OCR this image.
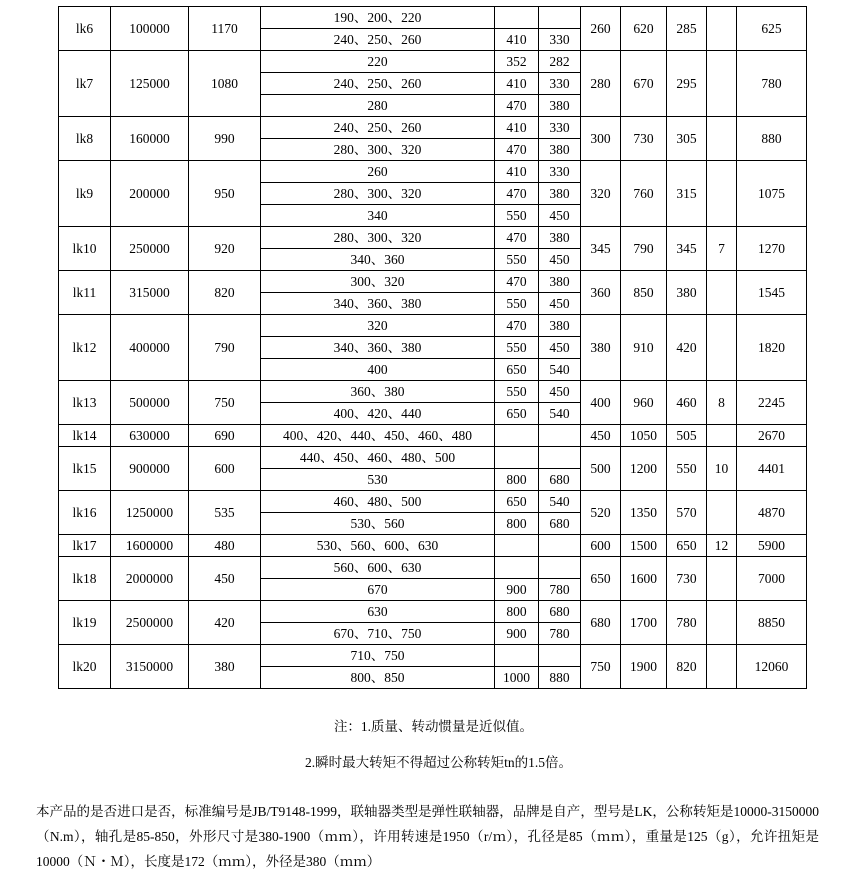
lk6	100000	1170	190、200、220			260	620	285		625
			240、250、260	410	330					
lk7	125000	1080	220	352	282	280	670	295		780
			240、250、260	410	330					
			280	470	380					
lk8	160000	990	240、250、260	410	330	300	730	305		880
			280、300、320	470	380					
lk9	200000	950	260	410	330	320	760	315		1075
			280、300、320	470	380					
			340	550	450					
lk10	250000	920	280、300、320	470	380	345	790	345	7	1270
			340、360	550	450					
lk11	315000	820	300、320	470	380	360	850	380		1545
			340、360、380	550	450					
lk12	400000	790	320	470	380	380	910	420		1820
			340、360、380	550	450					
			400	650	540					
lk13	500000	750	360、380	550	450	400	960	460	8	2245
			400、420、440	650	540					
lk14	630000	690	400、420、440、450、460、480			450	1050	505		2670
lk15	900000	600	440、450、460、480、500			500	1200	550	10	4401
			530	800	680					
lk16	1250000	535	460、480、500	650	540	520	1350	570		4870
			530、560	800	680					
lk17	1600000	480	530、560、600、630			600	1500	650	12	5900
lk18	2000000	450	560、600、630			650	1600	730		7000
			670	900	780					
lk19	2500000	420	630	800	680	680	1700	780		8850
			670、710、750	900	780					
lk20	3150000	380	710、750			750	1900	820		12060
			800、850	1000	880					
注：1.质量、转动惯量是近似值。
2.瞬时最大转矩不得超过公称转矩tn的1.5倍。
本产品的是否进口是否，标准编号是JB/T9148-1999，联轴器类型是弹性联轴器，品牌是自产，型号是LK，公称转矩是10000-3150000（N.m），轴孔是85-850，外形尺寸是380-1900（ｍｍ），许用转速是1950（r/ｍ），孔径是85（ｍｍ），重量是125（g），允许扭矩是10000（Ｎ・Ｍ），长度是172（ｍｍ），外径是380（ｍｍ）
